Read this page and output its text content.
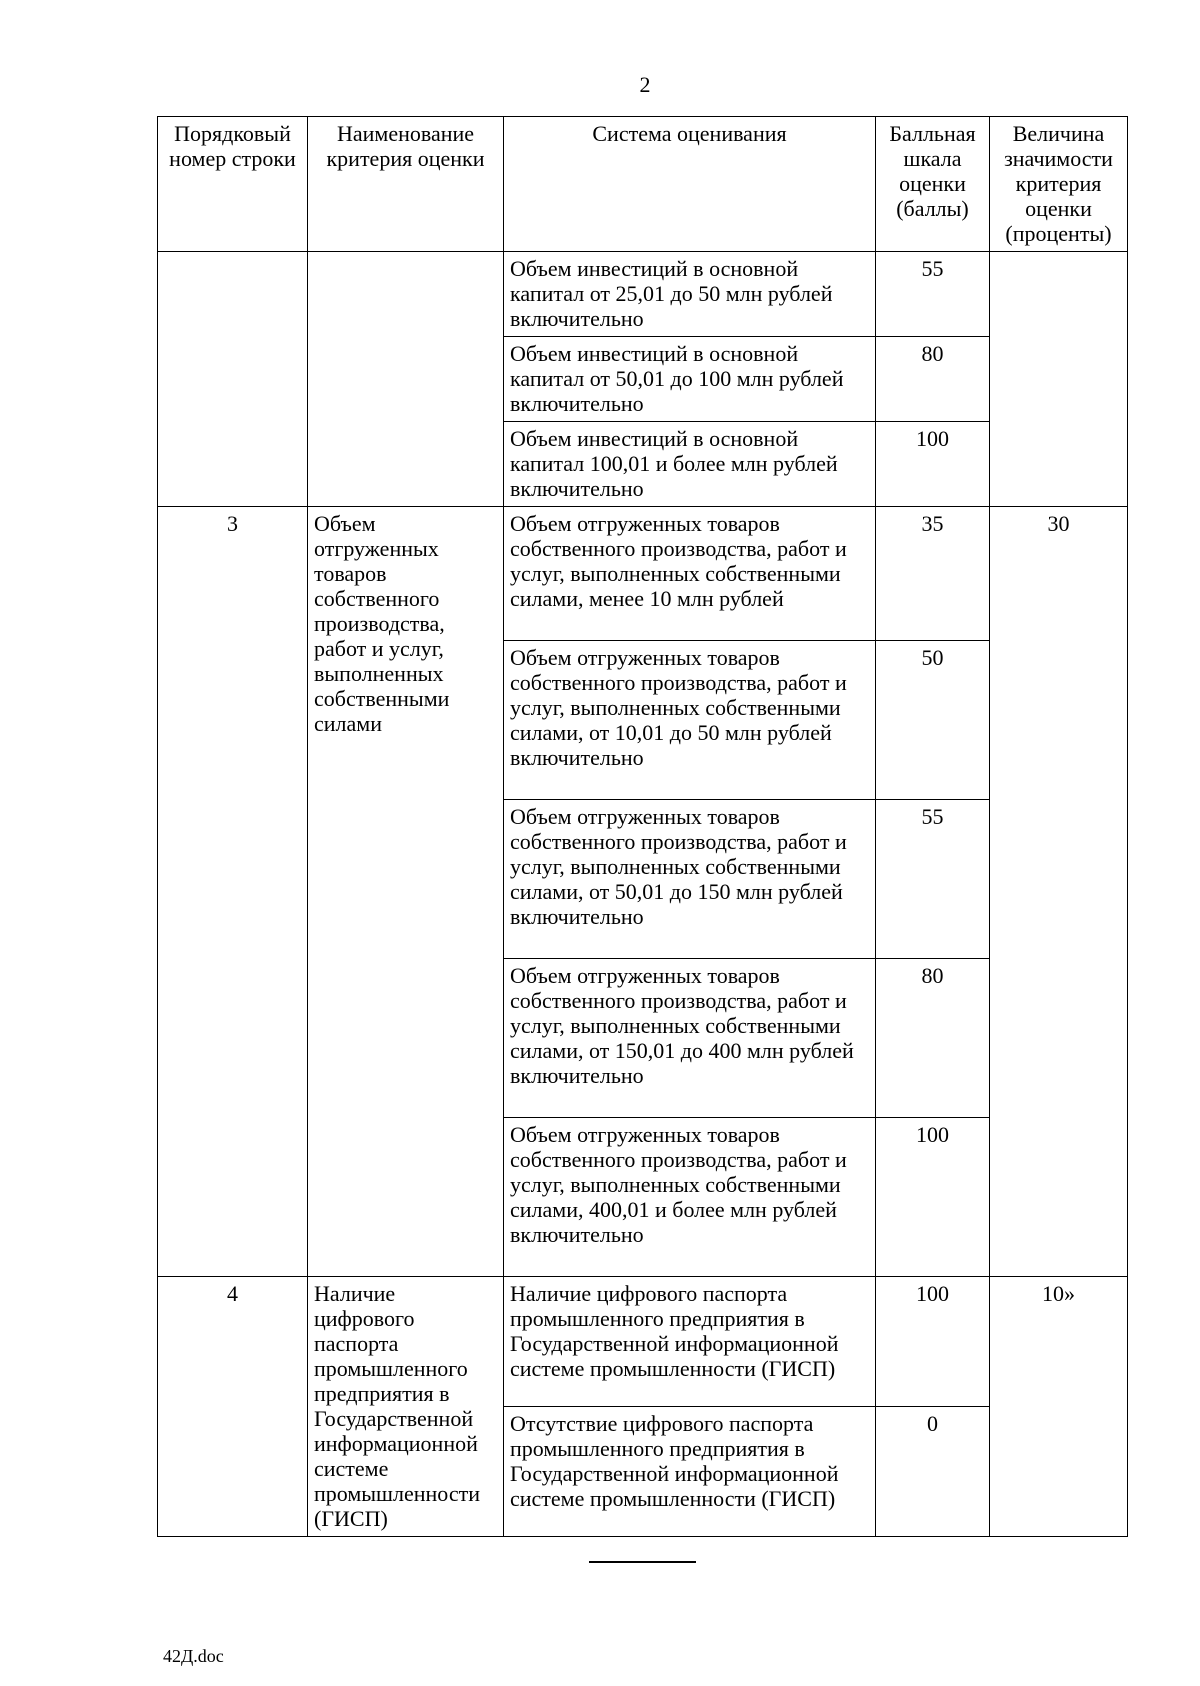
2
Порядковый номер строки	Наименование критерия оценки	Система оценивания	Балльная шкала оценки (баллы)	Величина значимости критерия оценки (проценты)
		Объем инвестиций в основной капитал от 25,01 до 50 млн рублей включительно	55	
		Объем инвестиций в основной капитал от 50,01 до 100 млн рублей включительно	80	
		Объем инвестиций в основной капитал 100,01 и более млн рублей включительно	100	
3	Объем отгруженных товаров собственного производства, работ и услуг, выполненных собственными силами	Объем отгруженных товаров собственного производства, работ и услуг, выполненных собственными силами, менее 10 млн рублей	35	30
		Объем отгруженных товаров собственного производства, работ и услуг, выполненных собственными силами, от 10,01 до 50 млн рублей включительно	50	
		Объем отгруженных товаров собственного производства, работ и услуг, выполненных собственными силами, от 50,01 до 150 млн рублей включительно	55	
		Объем отгруженных товаров собственного производства, работ и услуг, выполненных собственными силами, от 150,01 до 400 млн рублей включительно	80	
		Объем отгруженных товаров собственного производства, работ и услуг, выполненных собственными силами, 400,01 и более млн рублей включительно	100	
4	Наличие цифрового паспорта промышленного предприятия в Государственной информационной системе промышленности (ГИСП)	Наличие цифрового паспорта промышленного предприятия в Государственной информационной системе промышленности (ГИСП)	100	10»
		Отсутствие цифрового паспорта промышленного предприятия в Государственной информационной системе промышленности (ГИСП)	0	
42Д.doc
